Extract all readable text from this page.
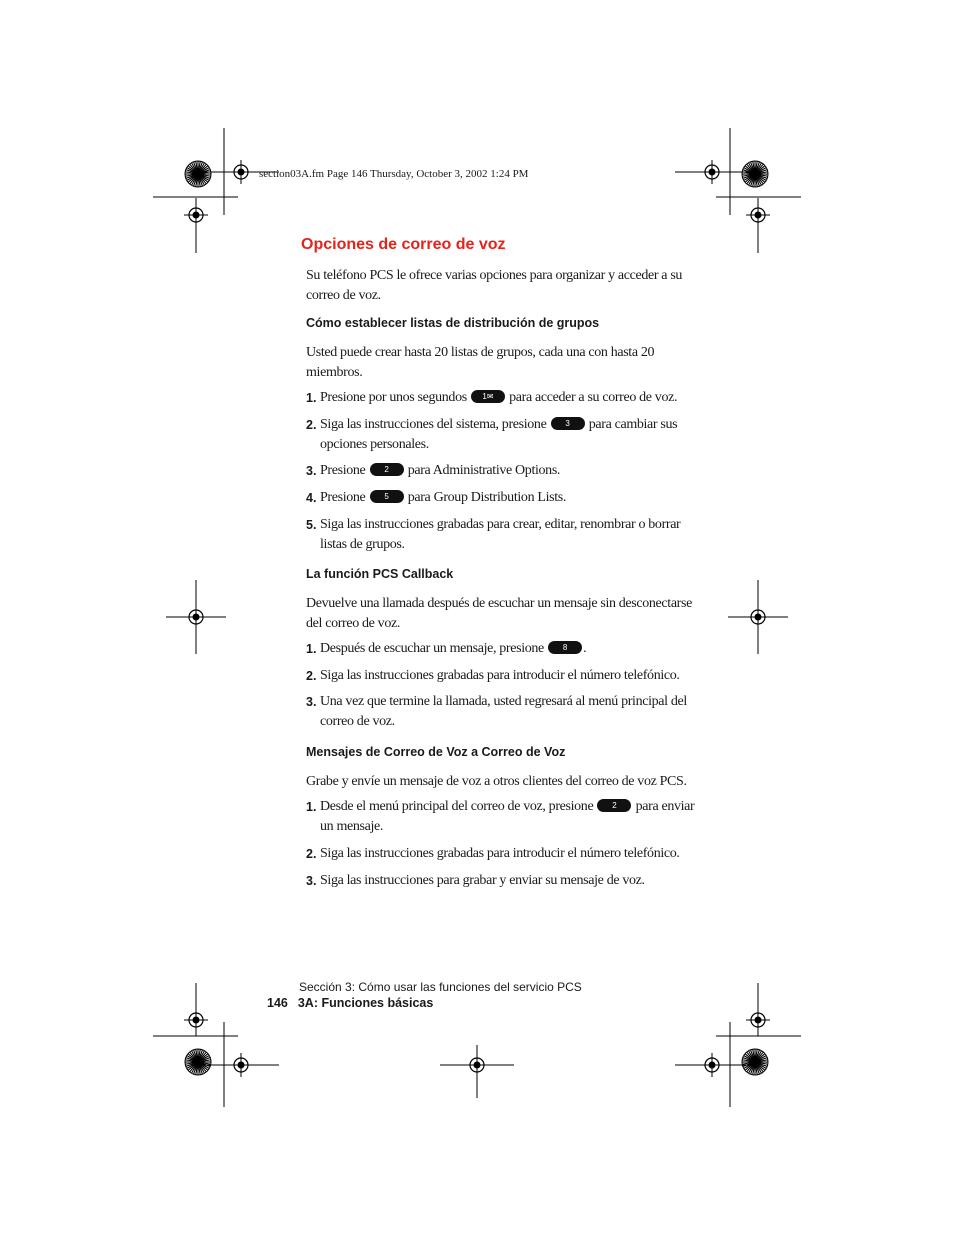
section03A.fm Page 146 Thursday, October 3, 2002 1:24 PM
Opciones de correo de voz
Su teléfono PCS le ofrece varias opciones para organizar y acceder a su correo de voz.
Cómo establecer listas de distribución de grupos
Usted puede crear hasta 20 listas de grupos, cada una con hasta 20 miembros.
1. Presione por unos segundos 1✉ para acceder a su correo de voz.
2. Siga las instrucciones del sistema, presione 3 para cambiar sus opciones personales.
3. Presione 2 para Administrative Options.
4. Presione 5 para Group Distribution Lists.
5. Siga las instrucciones grabadas para crear, editar, renombrar o borrar listas de grupos.
La función PCS Callback
Devuelve una llamada después de escuchar un mensaje sin desconectarse del correo de voz.
1. Después de escuchar un mensaje, presione 8 .
2. Siga las instrucciones grabadas para introducir el número telefónico.
3. Una vez que termine la llamada, usted regresará al menú principal del correo de voz.
Mensajes de Correo de Voz a Correo de Voz
Grabe y envíe un mensaje de voz a otros clientes del correo de voz PCS.
1. Desde el menú principal del correo de voz, presione 2 para enviar un mensaje.
2. Siga las instrucciones grabadas para introducir el número telefónico.
3. Siga las instrucciones para grabar y enviar su mensaje de voz.
Sección 3: Cómo usar las funciones del servicio PCS
146 3A: Funciones básicas
